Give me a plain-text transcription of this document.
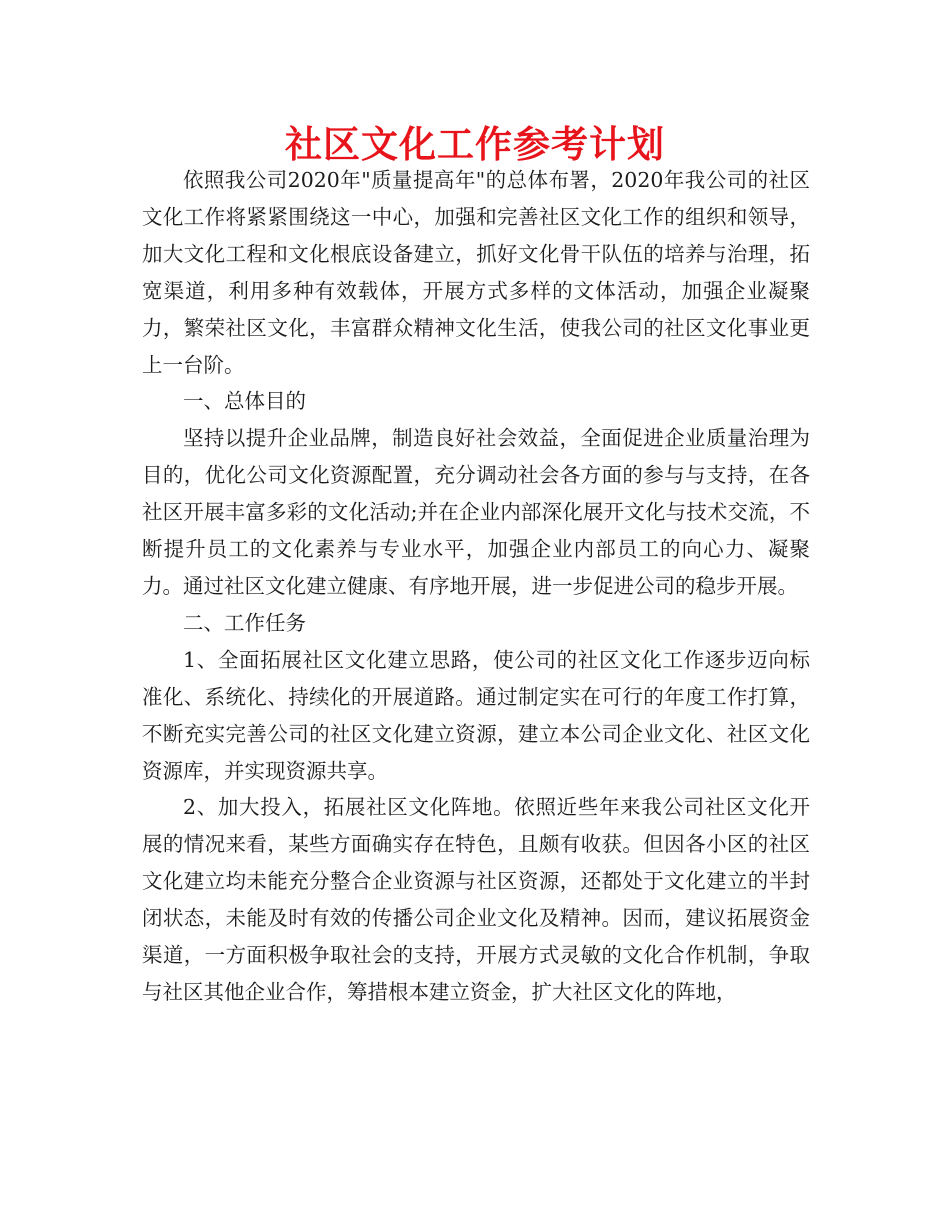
社区文化工作参考计划

依照我公司2020年"质量提高年"的总体布署，2020年我公司的社区文化工作将紧紧围绕这一中心，加强和完善社区文化工作的组织和领导，加大文化工程和文化根底设备建立，抓好文化骨干队伍的培养与治理，拓宽渠道，利用多种有效载体，开展方式多样的文体活动，加强企业凝聚力，繁荣社区文化，丰富群众精神文化生活，使我公司的社区文化事业更上一台阶。

一、总体目的

坚持以提升企业品牌，制造良好社会效益，全面促进企业质量治理为目的，优化公司文化资源配置，充分调动社会各方面的参与与支持，在各社区开展丰富多彩的文化活动;并在企业内部深化展开文化与技术交流，不断提升员工的文化素养与专业水平，加强企业内部员工的向心力、凝聚力。通过社区文化建立健康、有序地开展，进一步促进公司的稳步开展。

二、工作任务

1、全面拓展社区文化建立思路，使公司的社区文化工作逐步迈向标准化、系统化、持续化的开展道路。通过制定实在可行的年度工作打算，不断充实完善公司的社区文化建立资源，建立本公司企业文化、社区文化资源库，并实现资源共享。

2、加大投入，拓展社区文化阵地。依照近些年来我公司社区文化开展的情况来看，某些方面确实存在特色，且颇有收获。但因各小区的社区文化建立均未能充分整合企业资源与社区资源，还都处于文化建立的半封闭状态，未能及时有效的传播公司企业文化及精神。因而，建议拓展资金渠道，一方面积极争取社会的支持，开展方式灵敏的文化合作机制，争取与社区其他企业合作，筹措根本建立资金，扩大社区文化的阵地，
